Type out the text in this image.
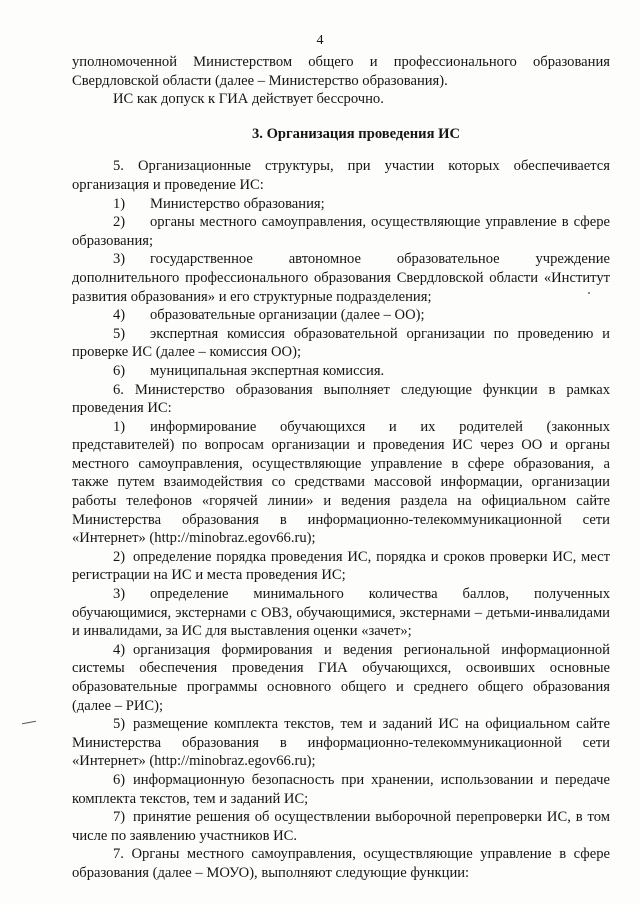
4

уполномоченной Министерством общего и профессионального образования Свердловской области (далее – Министерство образования).

ИС как допуск к ГИА действует бессрочно.

3. Организация проведения ИС

5. Организационные структуры, при участии которых обеспечивается организация и проведение ИС:

1) Министерство образования;

2) органы местного самоуправления, осуществляющие управление в сфере образования;

3) государственное автономное образовательное учреждение дополнительного профессионального образования Свердловской области «Институт развития образования» и его структурные подразделения;

4) образовательные организации (далее – ОО);

5) экспертная комиссия образовательной организации по проведению и проверке ИС (далее – комиссия ОО);

6) муниципальная экспертная комиссия.

6. Министерство образования выполняет следующие функции в рамках проведения ИС:

1) информирование обучающихся и их родителей (законных представителей) по вопросам организации и проведения ИС через ОО и органы местного самоуправления, осуществляющие управление в сфере образования, а также путем взаимодействия со средствами массовой информации, организации работы телефонов «горячей линии» и ведения раздела на официальном сайте Министерства образования в информационно-телекоммуникационной сети «Интернет» (http://minobraz.egov66.ru);

2) определение порядка проведения ИС, порядка и сроков проверки ИС, мест регистрации на ИС и места проведения ИС;

3) определение минимального количества баллов, полученных обучающимися, экстернами с ОВЗ, обучающимися, экстернами – детьми-инвалидами и инвалидами, за ИС для выставления оценки «зачет»;

4) организация формирования и ведения региональной информационной системы обеспечения проведения ГИА обучающихся, освоивших основные образовательные программы основного общего и среднего общего образования (далее – РИС);

5) размещение комплекта текстов, тем и заданий ИС на официальном сайте Министерства образования в информационно-телекоммуникационной сети «Интернет» (http://minobraz.egov66.ru);

6) информационную безопасность при хранении, использовании и передаче комплекта текстов, тем и заданий ИС;

7) принятие решения об осуществлении выборочной перепроверки ИС, в том числе по заявлению участников ИС.

7. Органы местного самоуправления, осуществляющие управление в сфере образования (далее – МОУО), выполняют следующие функции:
